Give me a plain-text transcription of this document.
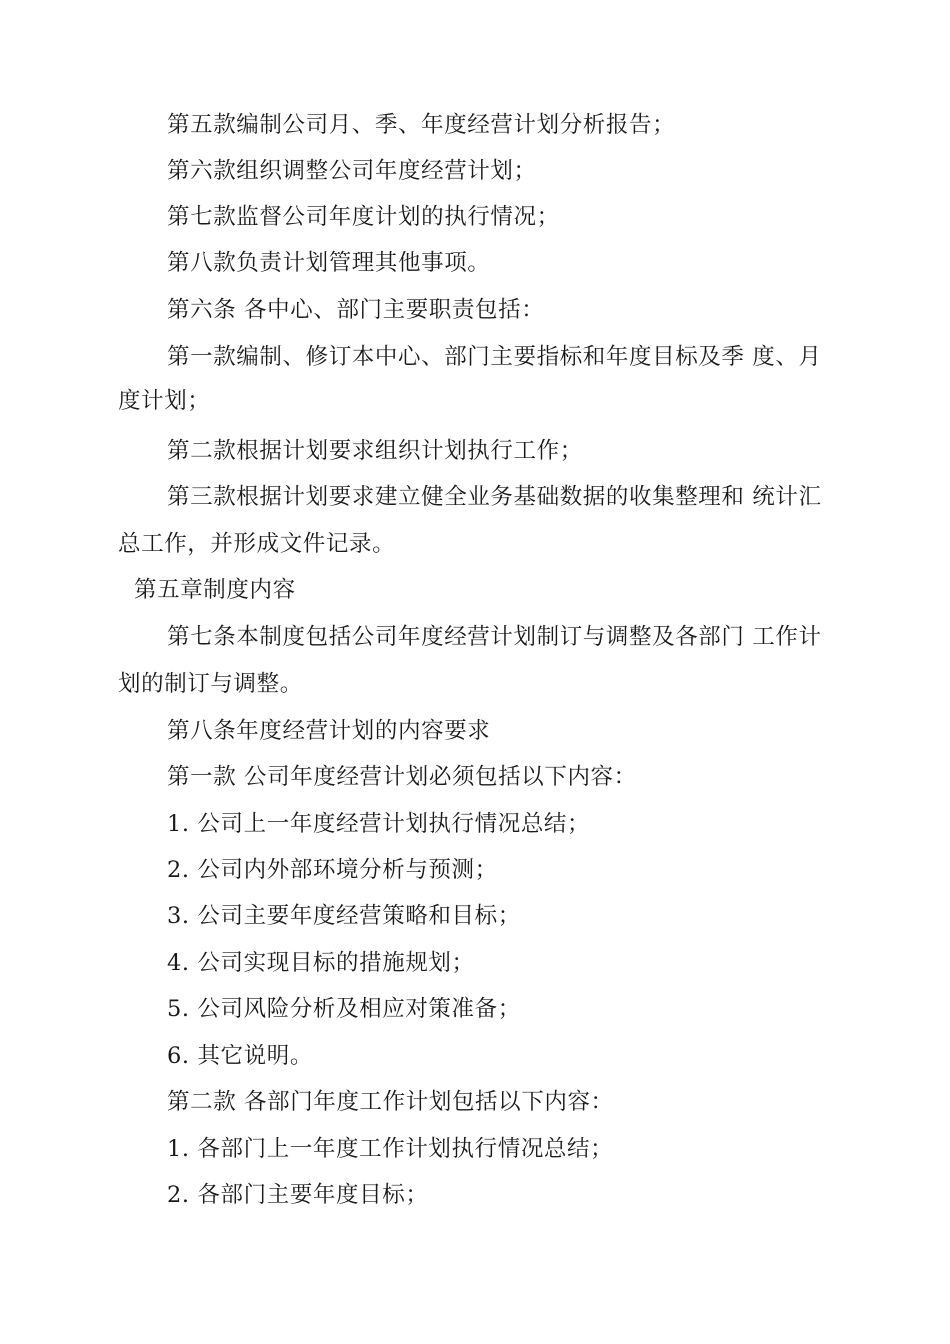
第五款编制公司月、季、年度经营计划分析报告；
第六款组织调整公司年度经营计划；
第七款监督公司年度计划的执行情况；
第八款负责计划管理其他事项。
第六条 各中心、部门主要职责包括：
第一款编制、修订本中心、部门主要指标和年度目标及季 度、月
度计划；
第二款根据计划要求组织计划执行工作；
第三款根据计划要求建立健全业务基础数据的收集整理和 统计汇
总工作，并形成文件记录。
第五章制度内容
第七条本制度包括公司年度经营计划制订与调整及各部门 工作计
划的制订与调整。
第八条年度经营计划的内容要求
第一款 公司年度经营计划必须包括以下内容：
1. 公司上一年度经营计划执行情况总结；
2. 公司内外部环境分析与预测；
3. 公司主要年度经营策略和目标；
4. 公司实现目标的措施规划；
5. 公司风险分析及相应对策准备；
6. 其它说明。
第二款 各部门年度工作计划包括以下内容：
1. 各部门上一年度工作计划执行情况总结；
2. 各部门主要年度目标；
